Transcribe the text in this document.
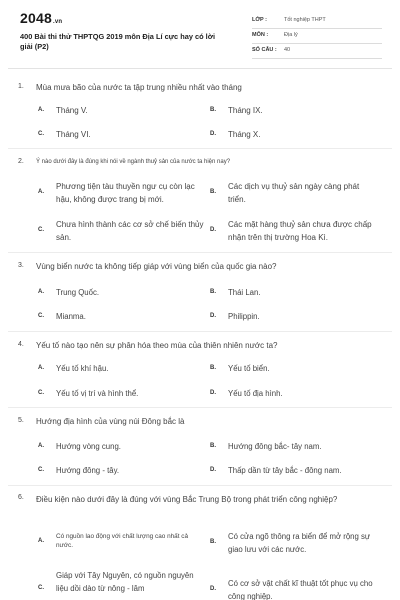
2048.vn
400 Bài thi thử THPTQG 2019 môn Địa Lí cực hay có lời giải (P2)
LỚP :	Tốt nghiệp THPT
MÔN :	Địa lý
SỐ CÂU : 40
1. Mùa mưa bão của nước ta tập trung nhiều nhất vào tháng
A. Tháng V.	B. Tháng IX.
C. Tháng VI.	D. Tháng X.
2. Ý nào dưới đây là đúng khi nói về ngành thuỷ sản của nước ta hiện nay?
A.
Phương tiện tàu thuyền ngư cụ còn lạc hậu, không được trang bị mới.
B.
Các dịch vụ thuỷ sản ngày càng phát triển.
C.
Chưa hình thành các cơ sở chế biến thủy sản.
D.
Các mặt hàng thuỷ sản chưa được chấp nhận trên thị trường Hoa Kì.
3. Vùng biển nước ta không tiếp giáp với vùng biển của quốc gia nào?
A. Trung Quốc.	B. Thái Lan.
C. Mianma.	D. Philippin.
4. Yếu tố nào tạo nên sự phân hóa theo mùa của thiên nhiên nước ta?
A. Yếu tố khí hậu.	B. Yếu tố biển.
C. Yếu tố vị trí và hình thể.	D. Yếu tố địa hình.
5. Hướng địa hình của vùng núi Đông bắc là
A. Hướng vòng cung.	B. Hướng đông bắc- tây nam.
C. Hướng đông - tây.	D. Thấp dần từ tây bắc - đông nam.
6. Điều kiện nào dưới đây là đúng với vùng Bắc Trung Bộ trong phát triển công nghiệp?
A.
Có nguồn lao động với chất lượng cao nhất cả nước.	B.
Có cửa ngõ thông ra biển để mở rộng sự giao lưu với các nước.
C.
Giáp với Tây Nguyên, có nguồn nguyên liệu dồi dào từ nông - lâm	D.
Có cơ sở vật chất kĩ thuật tốt phục vụ cho công nghiệp.
